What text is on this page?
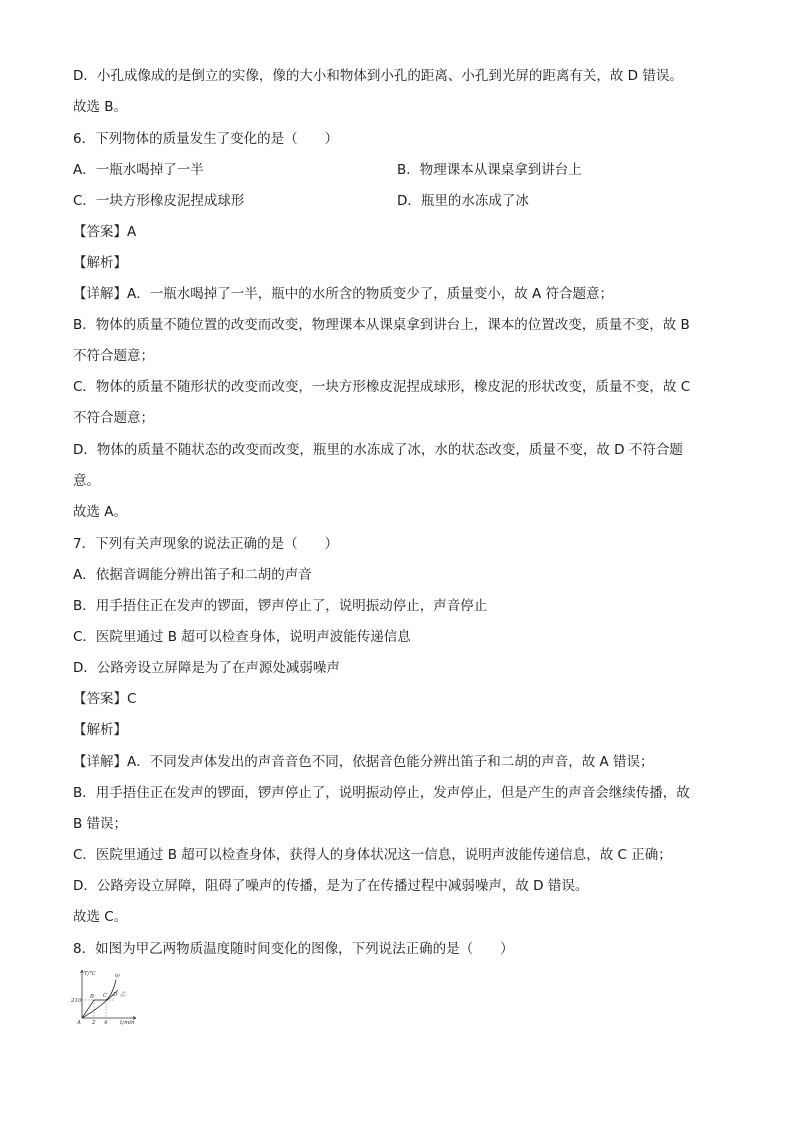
D．小孔成像成的是倒立的实像，像的大小和物体到小孔的距离、小孔到光屏的距离有关，故 D 错误。
故选 B。
6．下列物体的质量发生了变化的是（　　）
A．一瓶水喝掉了一半	B．物理课本从课桌拿到讲台上
C．一块方形橡皮泥捏成球形	D．瓶里的水冻成了冰
【答案】A
【解析】
【详解】A．一瓶水喝掉了一半，瓶中的水所含的物质变少了，质量变小，故 A 符合题意；
B．物体的质量不随位置的改变而改变，物理课本从课桌拿到讲台上，课本的位置改变，质量不变，故 B
不符合题意；
C．物体的质量不随形状的改变而改变，一块方形橡皮泥捏成球形，橡皮泥的形状改变，质量不变，故 C
不符合题意；
D．物体的质量不随状态的改变而改变，瓶里的水冻成了冰，水的状态改变，质量不变，故 D 不符合题
意。
故选 A。
7．下列有关声现象的说法正确的是（　　）
A．依据音调能分辨出笛子和二胡的声音
B．用手捂住正在发声的锣面，锣声停止了，说明振动停止，声音停止
C．医院里通过 B 超可以检查身体，说明声波能传递信息
D．公路旁设立屏障是为了在声源处减弱噪声
【答案】C
【解析】
【详解】A．不同发声体发出的声音音色不同，依据音色能分辨出笛子和二胡的声音，故 A 错误；
B．用手捂住正在发声的锣面，锣声停止了，说明振动停止，发声停止，但是产生的声音会继续传播，故
B 错误；
C．医院里通过 B 超可以检查身体，获得人的身体状况这一信息，说明声波能传递信息，故 C 正确；
D．公路旁设立屏障，阻碍了噪声的传播，是为了在传播过程中减弱噪声，故 D 错误。
故选 C。
8．如图为甲乙两物质温度随时间变化的图像，下列说法正确的是（　　）
T/℃
210
A 2 4 t/min
B C D
甲
乙
